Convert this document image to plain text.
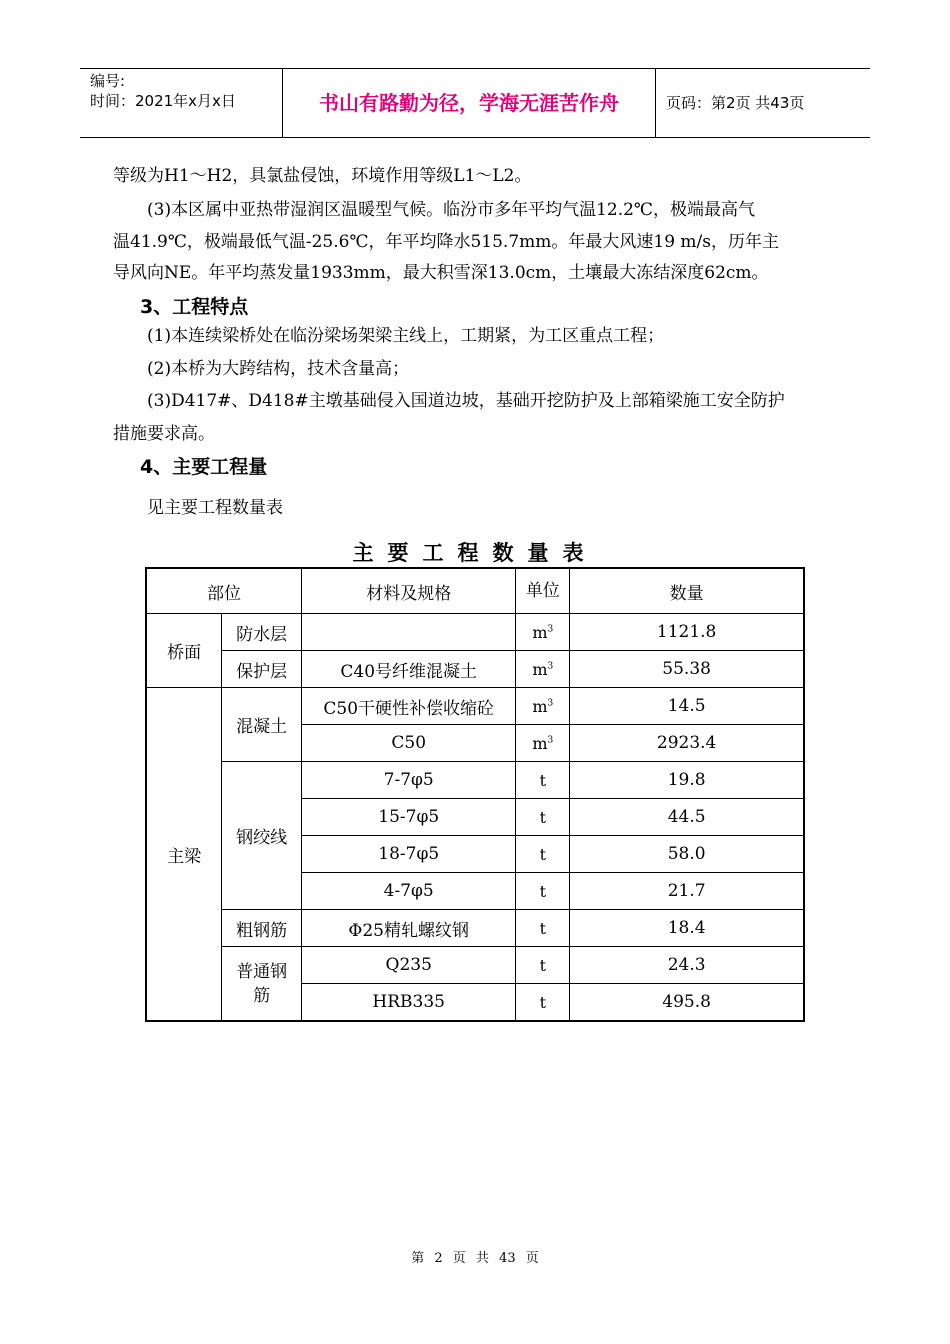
编号:
时间：2021年x月x日	书山有路勤为径，学海无涯苦作舟	页码：第2页 共43页
等级为H1～H2，具氯盐侵蚀，环境作用等级L1～L2。
(3)本区属中亚热带湿润区温暖型气候。临汾市多年平均气温12.2℃，极端最高气
温41.9℃，极端最低气温-25.6℃，年平均降水515.7mm。年最大风速19 m/s，历年主
导风向NE。年平均蒸发量1933mm，最大积雪深13.0cm，土壤最大冻结深度62cm。
3、工程特点
(1)本连续梁桥处在临汾梁场架梁主线上，工期紧，为工区重点工程；
(2)本桥为大跨结构，技术含量高；
(3)D417#、D418#主墩基础侵入国道边坡，基础开挖防护及上部箱梁施工安全防护
措施要求高。
4、主要工程量
见主要工程数量表
主要工程数量表
部位		材料及规格	单位	数量
桥面	防水层		$m^3$	1121.8
	保护层	C40号纤维混凝土	$m^3$	55.38
主梁	混凝土	C50干硬性补偿收缩砼	$m^3$	14.5
		C50	$m^3$	2923.4
	钢绞线	7-7φ5	t	19.8
		15-7φ5	t	44.5
		18-7φ5	t	58.0
		4-7φ5	t	21.7
	粗钢筋	Φ25精轧螺纹钢	t	18.4
	普通钢筋	Q235	t	24.3
		HRB335	t	495.8
第 2 页 共 43 页
